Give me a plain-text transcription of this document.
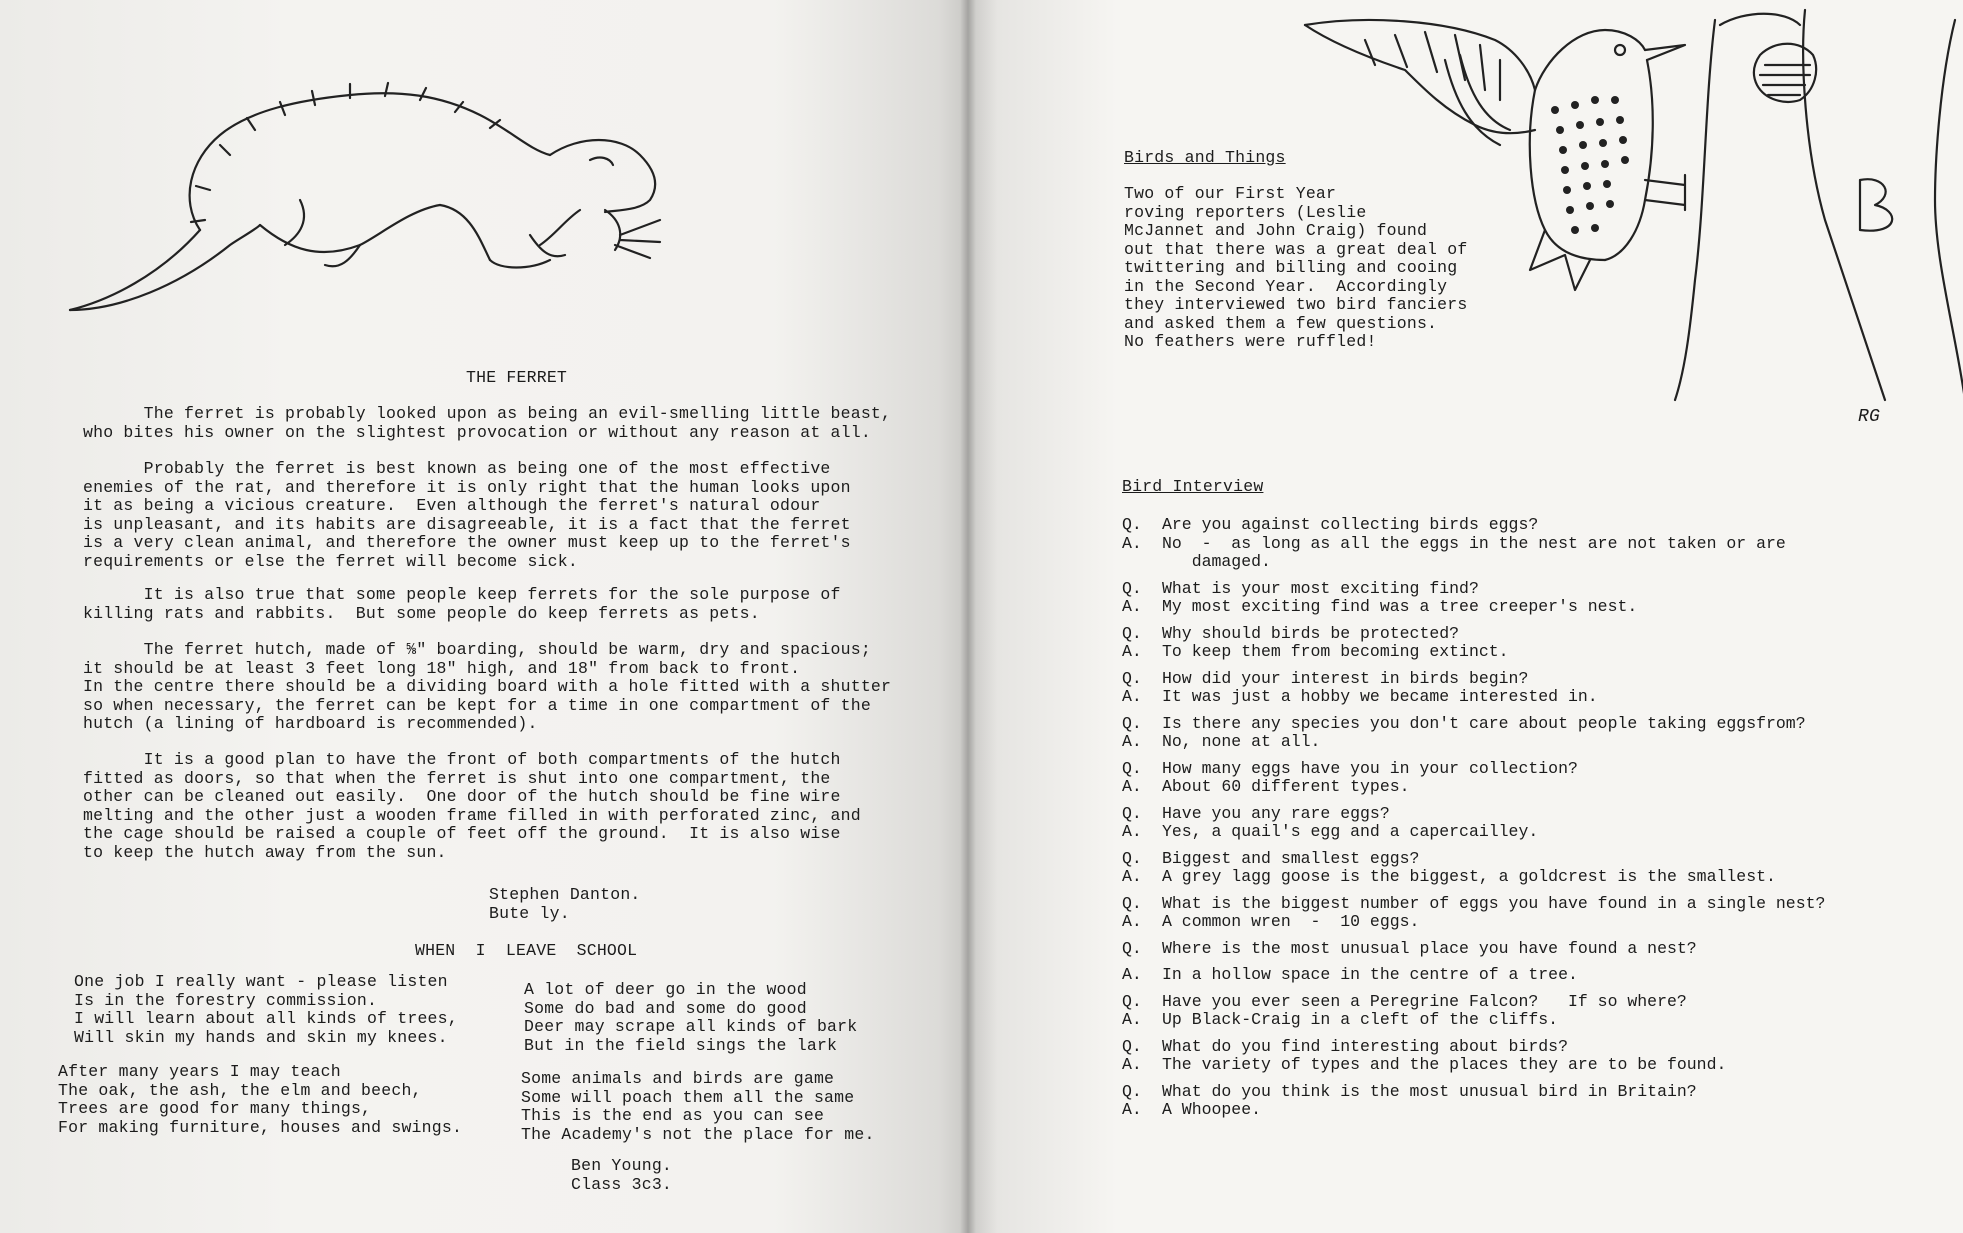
THE FERRET
The ferret is probably looked upon as being an evil-smelling little beast,
who bites his owner on the slightest provocation or without any reason at all.
Probably the ferret is best known as being one of the most effective
enemies of the rat, and therefore it is only right that the human looks upon
it as being a vicious creature.  Even although the ferret's natural odour
is unpleasant, and its habits are disagreeable, it is a fact that the ferret
is a very clean animal, and therefore the owner must keep up to the ferret's
requirements or else the ferret will become sick.
It is also true that some people keep ferrets for the sole purpose of
killing rats and rabbits.  But some people do keep ferrets as pets.
The ferret hutch, made of ⅝" boarding, should be warm, dry and spacious;
it should be at least 3 feet long 18" high, and 18" from back to front.
In the centre there should be a dividing board with a hole fitted with a shutter
so when necessary, the ferret can be kept for a time in one compartment of the
hutch (a lining of hardboard is recommended).
It is a good plan to have the front of both compartments of the hutch
fitted as doors, so that when the ferret is shut into one compartment, the
other can be cleaned out easily.  One door of the hutch should be fine wire
melting and the other just a wooden frame filled in with perforated zinc, and
the cage should be raised a couple of feet off the ground.  It is also wise
to keep the hutch away from the sun.
Stephen Danton.
Bute ly.
WHEN  I  LEAVE  SCHOOL
One job I really want - please listen
Is in the forestry commission.
I will learn about all kinds of trees,
Will skin my hands and skin my knees.
After many years I may teach
The oak, the ash, the elm and beech,
Trees are good for many things,
For making furniture, houses and swings.
A lot of deer go in the wood
Some do bad and some do good
Deer may scrape all kinds of bark
But in the field sings the lark
Some animals and birds are game
Some will poach them all the same
This is the end as you can see
The Academy's not the place for me.
Ben Young.
Class 3c3.
Birds and Things
Two of our First Year
roving reporters (Leslie
McJannet and John Craig) found
out that there was a great deal of
twittering and billing and cooing
in the Second Year.  Accordingly
they interviewed two bird fanciers
and asked them a few questions.
No feathers were ruffled!
RG
Bird Interview
Q.	Are you against collecting birds eggs?
A.	No  -  as long as all the eggs in the nest are not taken or are
damaged.
Q.	What is your most exciting find?
A.	My most exciting find was a tree creeper's nest.
Q.	Why should birds be protected?
A.	To keep them from becoming extinct.
Q.	How did your interest in birds begin?
A.	It was just a hobby we became interested in.
Q.	Is there any species you don't care about people taking eggsfrom?
A.	No, none at all.
Q.	How many eggs have you in your collection?
A.	About 60 different types.
Q.	Have you any rare eggs?
A.	Yes, a quail's egg and a capercailley.
Q.	Biggest and smallest eggs?
A.	A grey lagg goose is the biggest, a goldcrest is the smallest.
Q.	What is the biggest number of eggs you have found in a single nest?
A.	A common wren  -  10 eggs.
Q.	Where is the most unusual place you have found a nest?
A.	In a hollow space in the centre of a tree.
Q.	Have you ever seen a Peregrine Falcon?   If so where?
A.	Up Black-Craig in a cleft of the cliffs.
Q.	What do you find interesting about birds?
A.	The variety of types and the places they are to be found.
Q.	What do you think is the most unusual bird in Britain?
A.	A Whoopee.
